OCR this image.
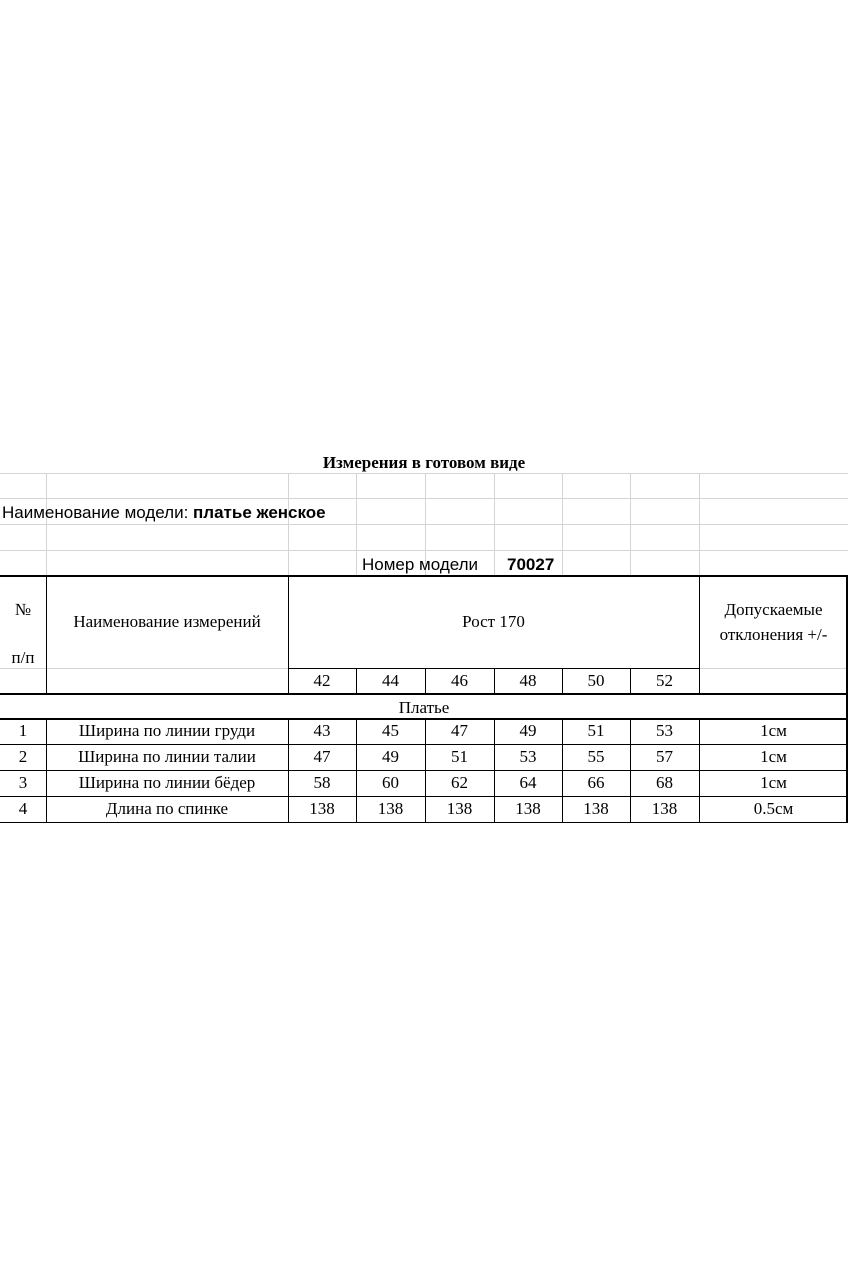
Измерения в готовом виде
Наименование модели: платье женское
Номер модели 70027
№
п/п
Наименование измерений	Рост 170
Допускаемые
отклонения +/-
42	44	46	48	50	52
Платье
1	Ширина по линии груди	43	45	47	49	51	53	1см
2	Ширина по линии талии	47	49	51	53	55	57	1см
3	Ширина по линии бёдер	58	60	62	64	66	68	1см
4	Длина по спинке	138	138	138	138	138	138	0.5см
